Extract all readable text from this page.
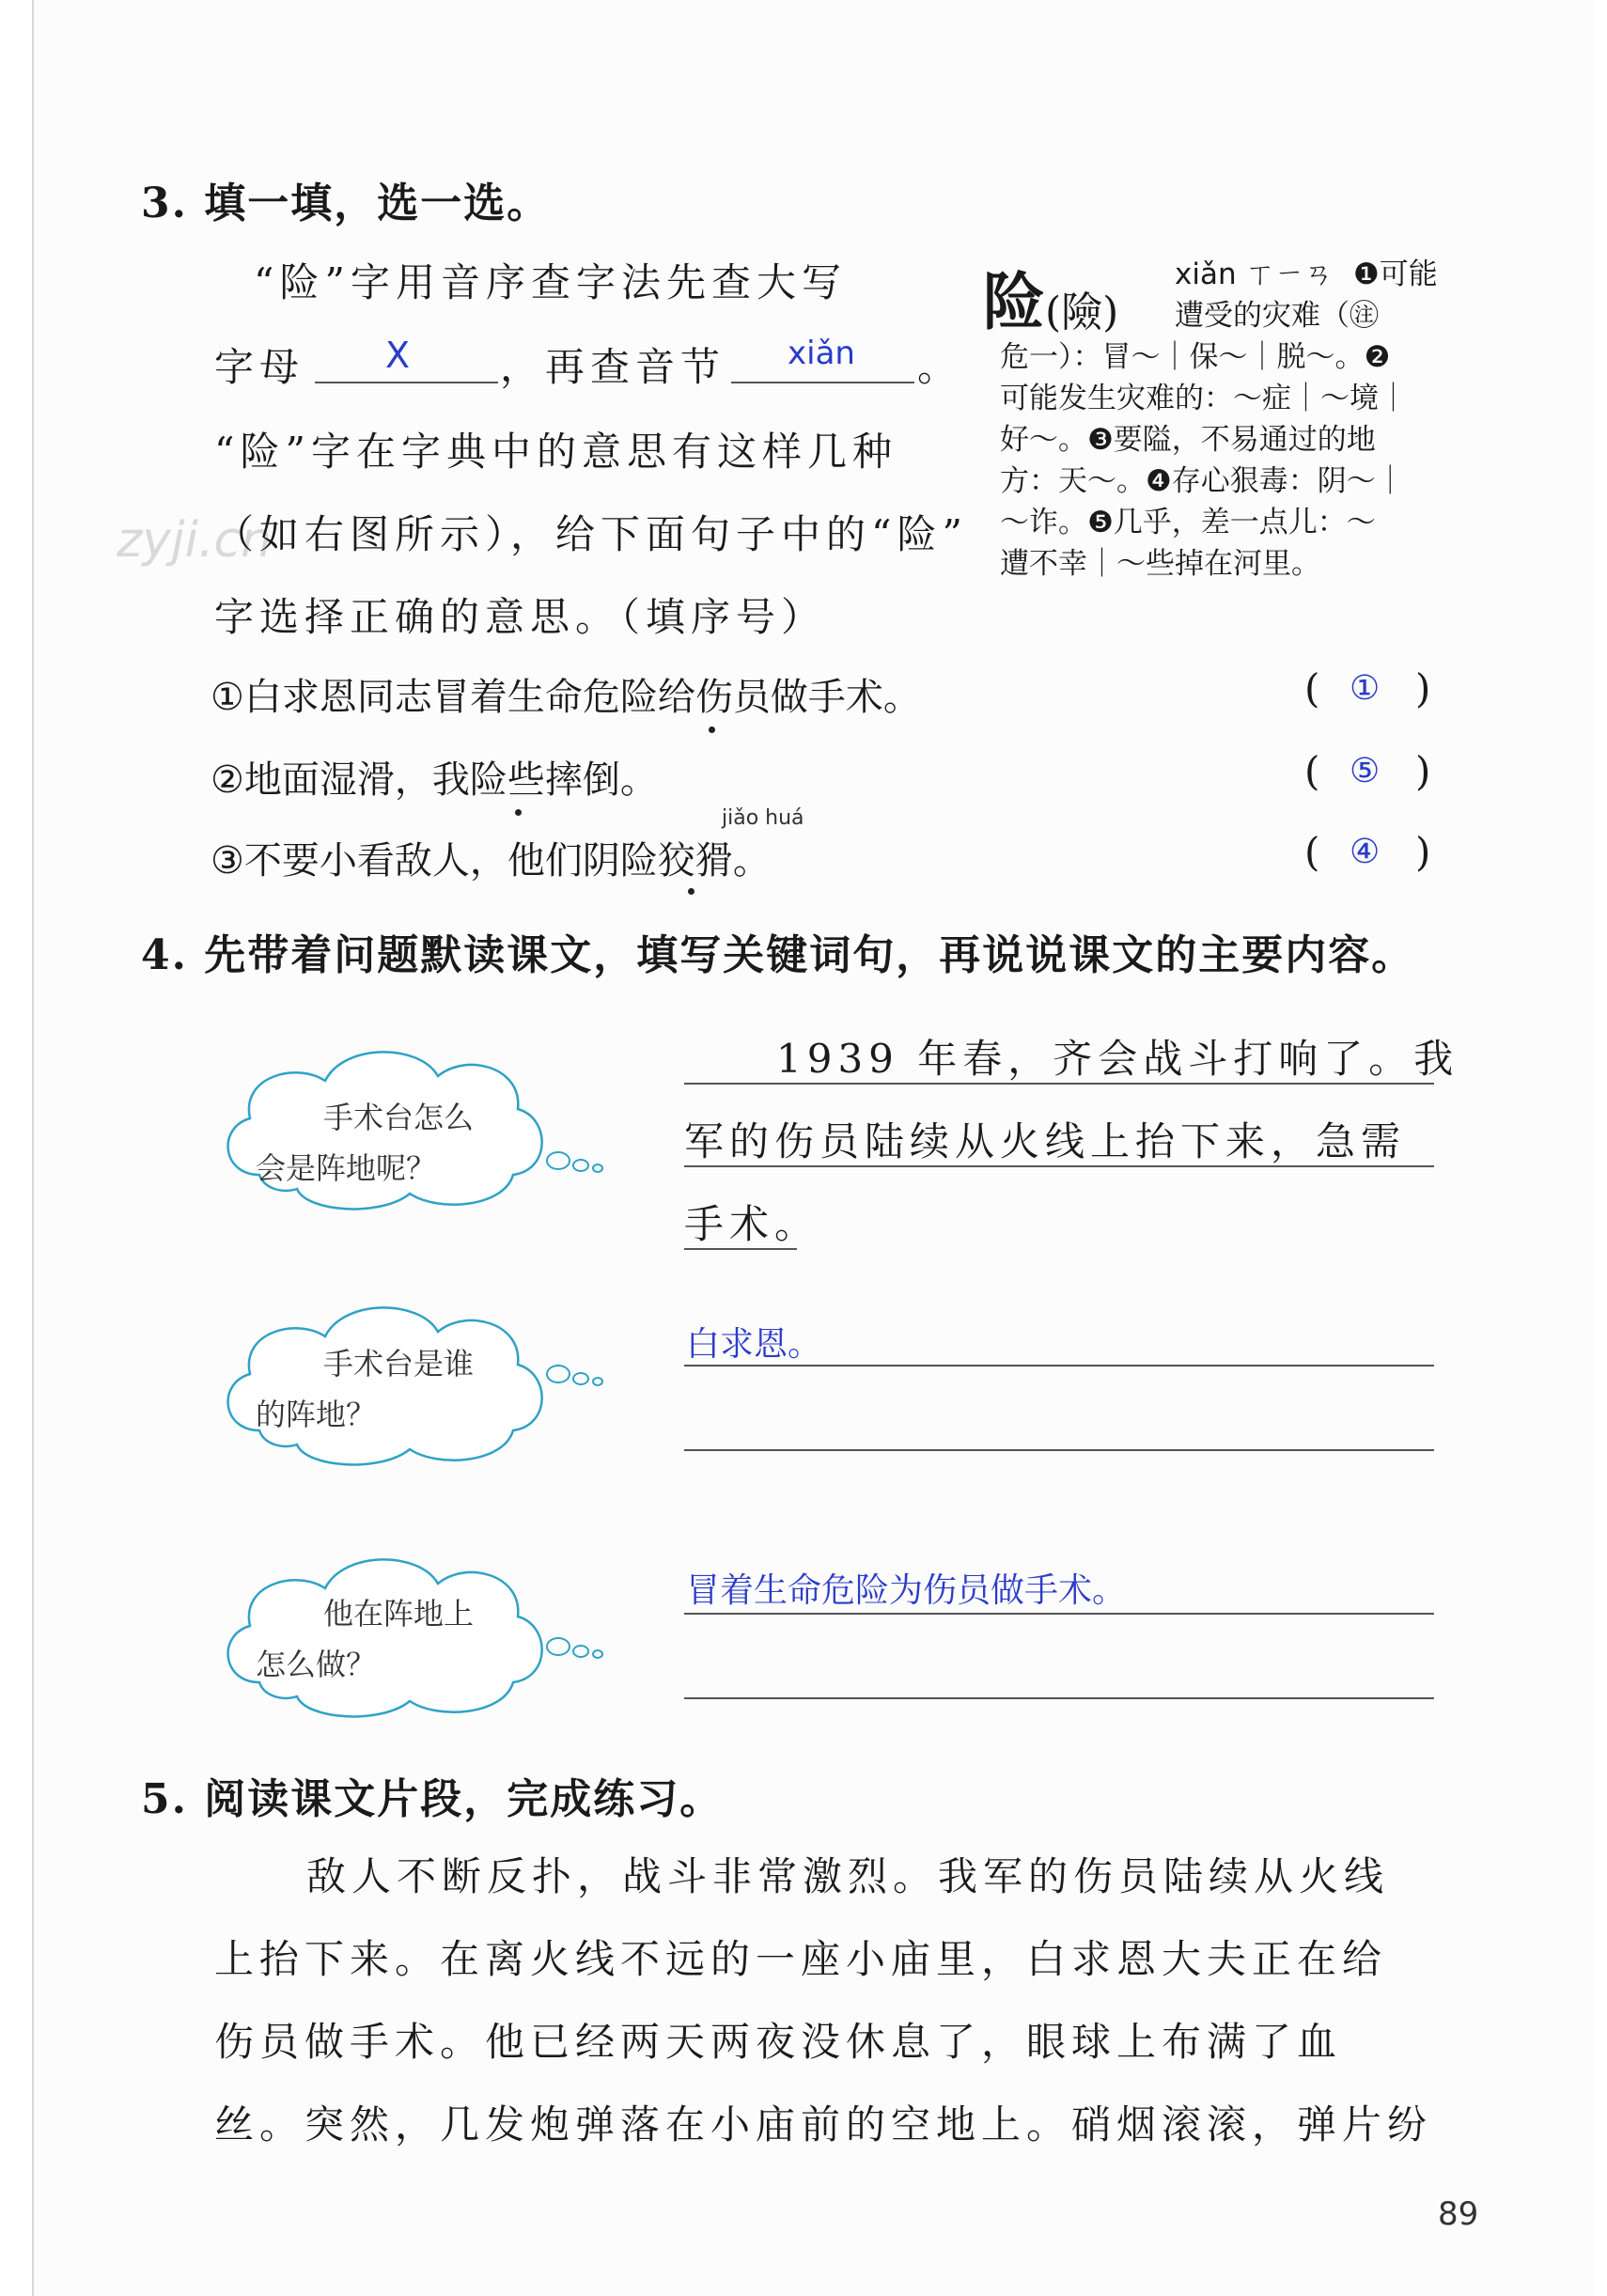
zyji.cn
3. 填一填，选一选。
“险”字用音序查字法先查大写
字母 X ，再查音节 xiǎn 。
“险”字在字典中的意思有这样几种
（如右图所示），给下面句子中的“险”
字选择正确的意思。（填序号）
险 (險)
xiǎn ㄒㄧㄢ ❶可能
遭受的灾难（㊟
危一）：冒～｜保～｜脱～。❷
可能发生灾难的：～症｜～境｜
好～。❸要隘，不易通过的地
方：天～。❹存心狠毒：阴～｜
～诈。❺几乎，差一点儿：～
遭不幸｜～些掉在河里。
①白求恩同志冒着生命危险给伤员做手术。	( ① )
②地面湿滑，我险些摔倒。	( ⑤ )
jiǎo huá
③不要小看敌人，他们阴险狡猾。	( ④ )
4. 先带着问题默读课文，填写关键词句，再说说课文的主要内容。
手术台怎么
会是阵地呢？
手术台是谁
的阵地？
他在阵地上
怎么做？
1939 年春，齐会战斗打响了。我
军的伤员陆续从火线上抬下来，急需
手术。
白求恩。
冒着生命危险为伤员做手术。
5. 阅读课文片段，完成练习。
敌人不断反扑，战斗非常激烈。我军的伤员陆续从火线
上抬下来。在离火线不远的一座小庙里，白求恩大夫正在给
伤员做手术。他已经两天两夜没休息了，眼球上布满了血
丝。突然，几发炮弹落在小庙前的空地上。硝烟滚滚，弹片纷
89
